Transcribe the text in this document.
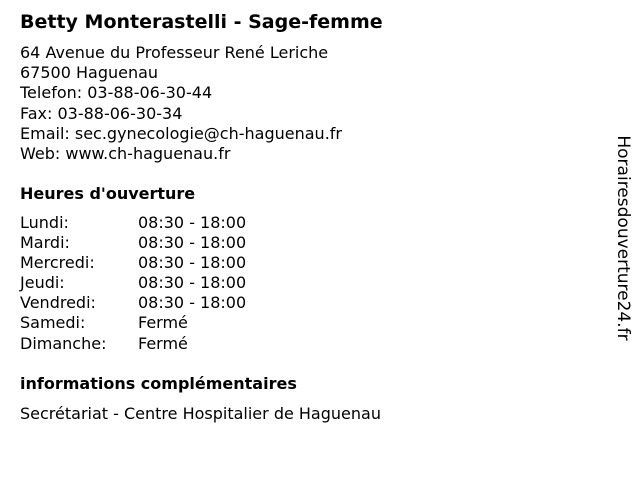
Betty Monterastelli - Sage-femme
64 Avenue du Professeur René Leriche
67500 Haguenau
Telefon: 03-88-06-30-44
Fax: 03-88-06-30-34
Email: sec.gynecologie@ch-haguenau.fr
Web: www.ch-haguenau.fr
Heures d'ouverture
Lundi:	08:30 - 18:00
Mardi:	08:30 - 18:00
Mercredi:	08:30 - 18:00
Jeudi:	08:30 - 18:00
Vendredi:	08:30 - 18:00
Samedi:	Fermé
Dimanche: Fermé
informations complémentaires
Secrétariat - Centre Hospitalier de Haguenau
Horairesdouverture24.fr
